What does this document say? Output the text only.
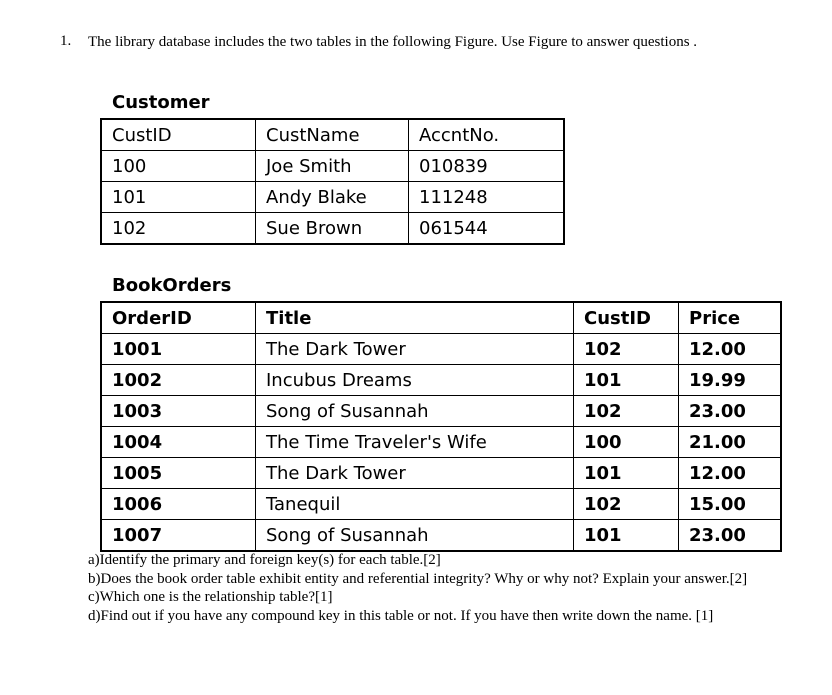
1. The library database includes the two tables in the following Figure. Use Figure to answer questions .
Customer
CustID	CustName	AccntNo.
100	Joe Smith	010839
101	Andy Blake	111248
102	Sue Brown	061544
BookOrders
OrderID	Title	CustID	Price
1001	The Dark Tower	102	12.00
1002	Incubus Dreams	101	19.99
1003	Song of Susannah	102	23.00
1004	The Time Traveler's Wife	100	21.00
1005	The Dark Tower	101	12.00
1006	Tanequil	102	15.00
1007	Song of Susannah	101	23.00

a)Identify the primary and foreign key(s) for each table.[2]

b)Does the book order table exhibit entity and referential integrity? Why or why not? Explain your answer.[2]

c)Which one is the relationship table?[1]

d)Find out if you have any compound key in this table or not. If you have then write down the name. [1]
